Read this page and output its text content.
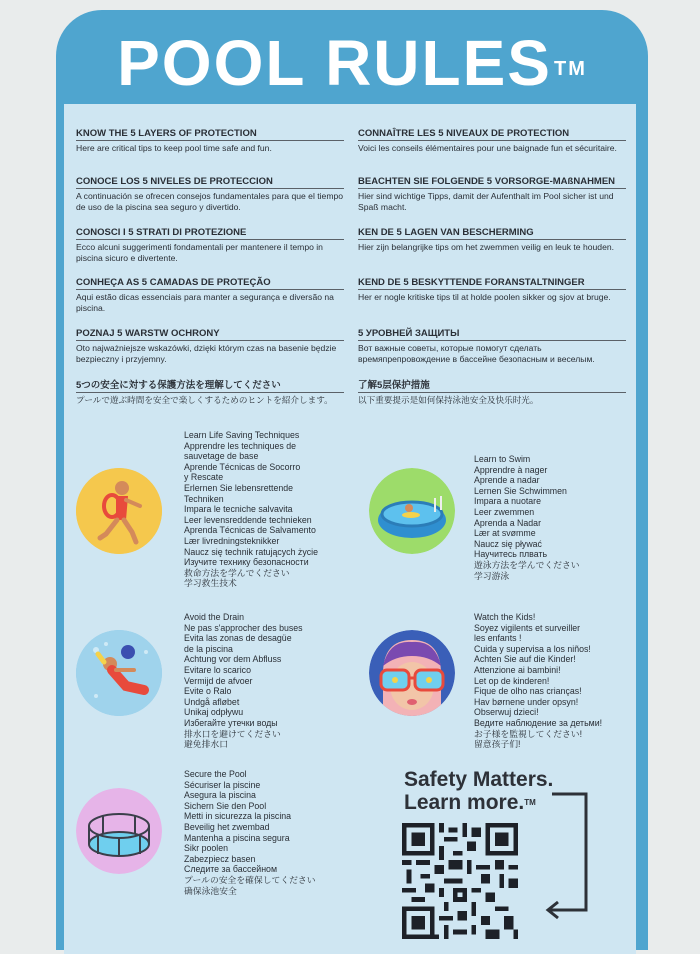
POOL RULES ™
KNOW THE 5 LAYERS OF PROTECTION
Here are critical tips to keep pool time safe and fun.
CONOCE LOS 5 NIVELES DE PROTECCION
A continuación se ofrecen consejos fundamentales para que el tiempo de uso de la piscina sea seguro y divertido.
CONOSCI I 5 STRATI DI PROTEZIONE
Ecco alcuni suggerimenti fondamentali per mantenere il tempo in piscina sicuro e divertente.
CONHEÇA AS 5 CAMADAS DE PROTEÇÃO
Aqui estão dicas essenciais para manter a segurança e diversão na piscina.
POZNAJ 5 WARSTW OCHRONY
Oto najważniejsze wskazówki, dzięki którym czas na basenie będzie bezpieczny i przyjemny.
5つの安全に対する保護方法を理解してください
プールで遊ぶ時間を安全で楽しくするためのヒントを紹介します。
CONNAÎTRE LES 5 NIVEAUX DE PROTECTION
Voici les conseils élémentaires pour une baignade fun et sécuritaire.
BEACHTEN SIE FOLGENDE 5 VORSORGE-MAßNAHMEN
Hier sind wichtige Tipps, damit der Aufenthalt im Pool sicher ist und Spaß macht.
KEN DE 5 LAGEN VAN BESCHERMING
Hier zijn belangrijke tips om het zwemmen veilig en leuk te houden.
KEND DE 5 BESKYTTENDE FORANSTALTNINGER
Her er nogle kritiske tips til at holde poolen sikker og sjov at bruge.
5 УРОВНЕЙ ЗАЩИТЫ
Вот важные советы, которые помогут сделать времяпрепровождение в бассейне безопасным и веселым.
了解5层保护措施
以下重要提示是如何保持泳池安全及快乐时光。
Learn Life Saving Techniques
Apprendre les techniques de
sauvetage de base
Aprende Técnicas de Socorro
y Rescate
Erlernen Sie lebensrettende
Techniken
Impara le tecniche salvavita
Leer levensreddende technieken
Aprenda Técnicas de Salvamento
Lær livredningsteknikker
Naucz się technik ratujących życie
Изучите технику безопасности
救命方法を学んでください
学习救生技术
Learn to Swim
Apprendre à nager
Aprende a nadar
Lernen Sie Schwimmen
Impara a nuotare
Leer zwemmen
Aprenda a Nadar
Lær at svømme
Naucz się pływać
Научитесь плвать
遊泳方法を学んでください
学习游泳
Avoid the Drain
Ne pas s'approcher des buses
Evita las zonas de desagüe
de la piscina
Achtung vor dem Abfluss
Evitare lo scarico
Vermijd de afvoer
Evite o Ralo
Undgå afløbet
Unikaj odpływu
Избегайте утечки воды
排水口を避けてください
避免排水口
Watch the Kids!
Soyez vigilents et surveiller
les enfants !
Cuida y supervisa a los niños!
Achten Sie auf die Kinder!
Attenzione ai bambini!
Let op de kinderen!
Fique de olho nas crianças!
Hav børnene under opsyn!
Obserwuj dzieci!
Ведите наблюдение за детьми!
お子様を監視してください!
留意孩子们!
Secure the Pool
Sécuriser la piscine
Asegura la piscina
Sichern Sie den Pool
Metti in sicurezza la piscina
Beveilig het zwembad
Mantenha a piscina segura
Sikr poolen
Zabezpiecz basen
Следите за бассейном
プールの安全を確保してください
确保泳池安全
Safety Matters.
Learn more.™
